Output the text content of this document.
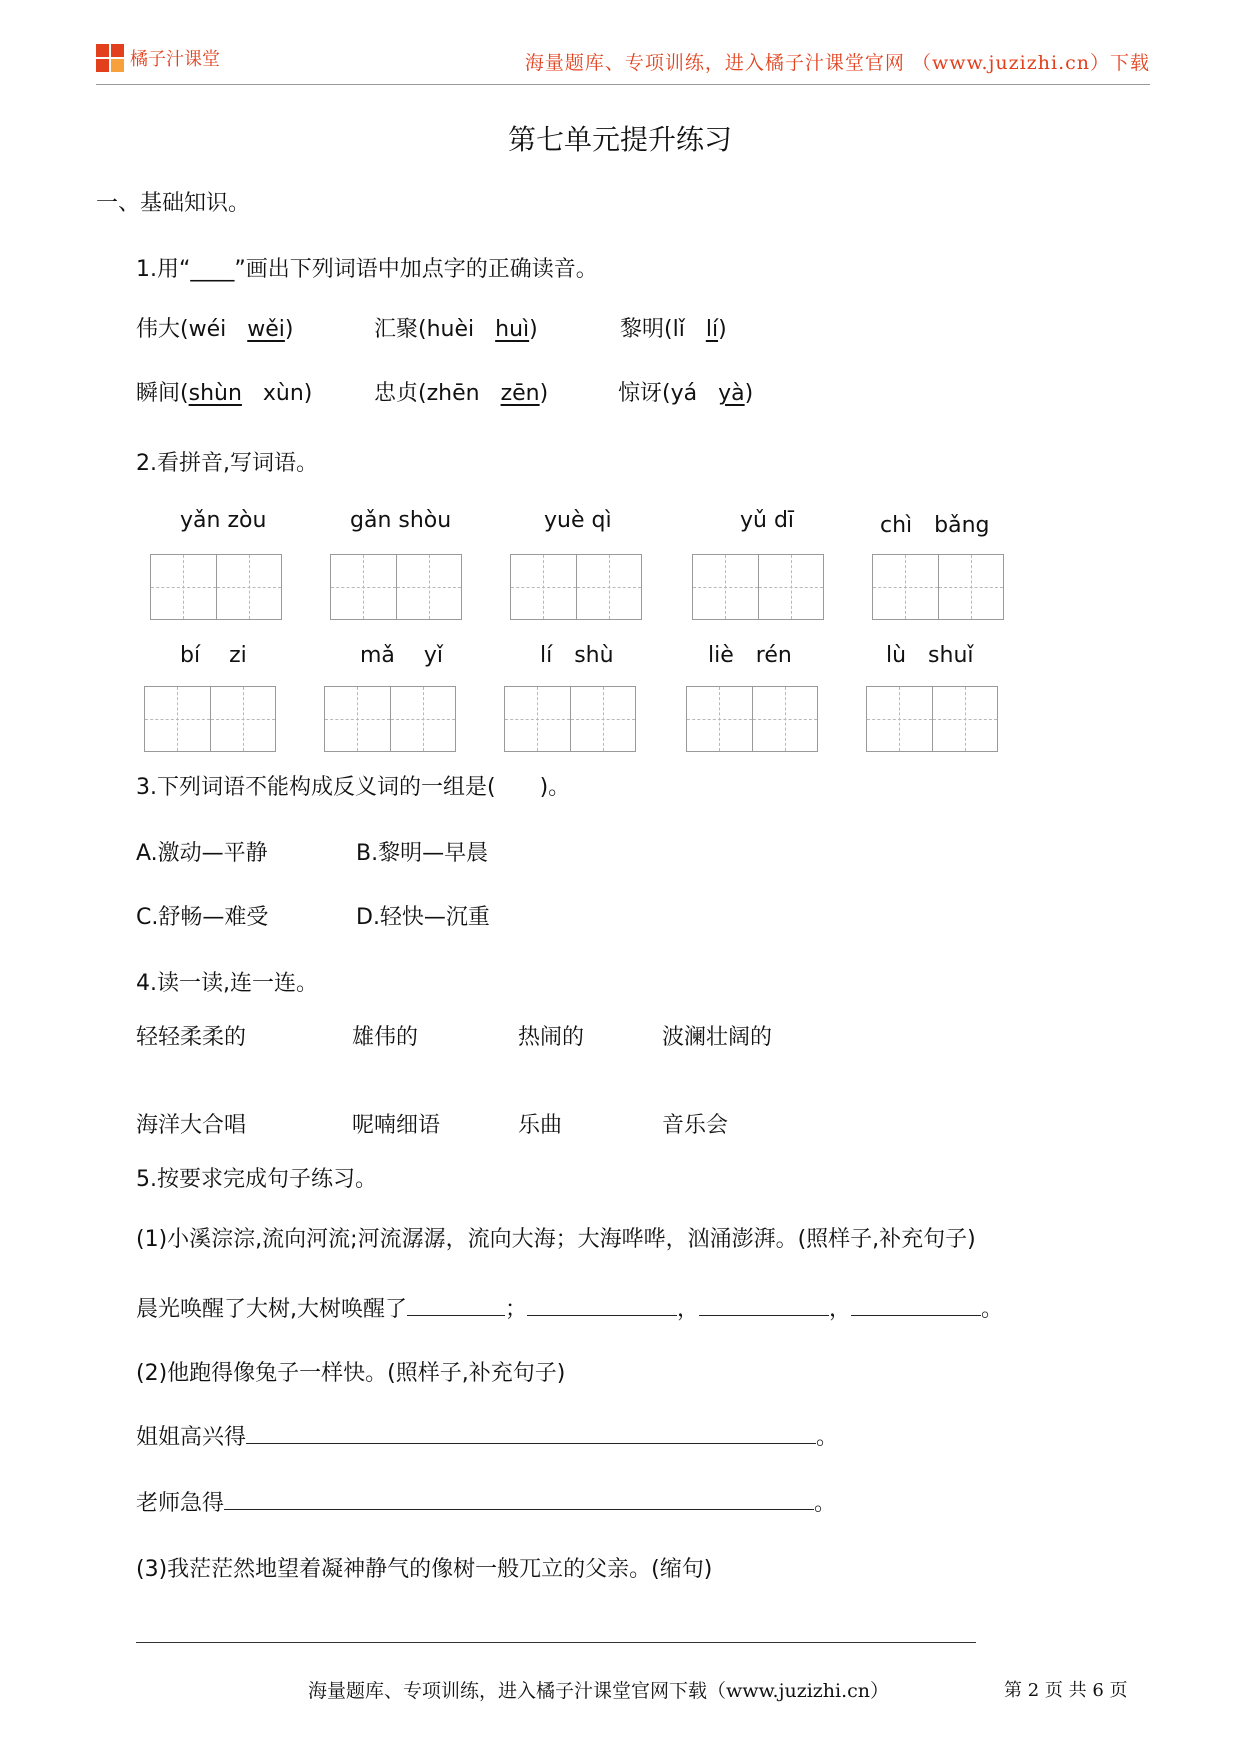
橘子汁课堂	海量题库、专项训练，进入橘子汁课堂官网 （www.juzizhi.cn）下载
第七单元提升练习
一、基础知识。
1.用“____”画出下列词语中加点字的正确读音。
伟大(wéi wěi)	汇聚(huèi huì)	黎明(lǐ lí)
瞬间(shùn xùn)	忠贞(zhēn zēn)	惊讶(yá yà)
2.看拼音,写词语。
yǎn zòu	gǎn shòu	yuè qì	yǔ dī	chì　bǎng
bí　 zi	mǎ　 yǐ	lí　shù	liè　rén	lù　shuǐ
3.下列词语不能构成反义词的一组是(　　)。
A.激动—平静	B.黎明—早晨
C.舒畅—难受	D.轻快—沉重
4.读一读,连一连。
轻轻柔柔的	雄伟的	热闹的	波澜壮阔的
海洋大合唱	呢喃细语	乐曲	音乐会
5.按要求完成句子练习。
(1)小溪淙淙,流向河流;河流潺潺，流向大海；大海哗哗，汹涌澎湃。(照样子,补充句子)
晨光唤醒了大树,大树唤醒了	；	，	，	。
(2)他跑得像兔子一样快。(照样子,补充句子)
姐姐高兴得	。
老师急得	。
(3)我茫茫然地望着凝神静气的像树一般兀立的父亲。(缩句)
海量题库、专项训练，进入橘子汁课堂官网下载（www.juzizhi.cn）	第 2 页 共 6 页
